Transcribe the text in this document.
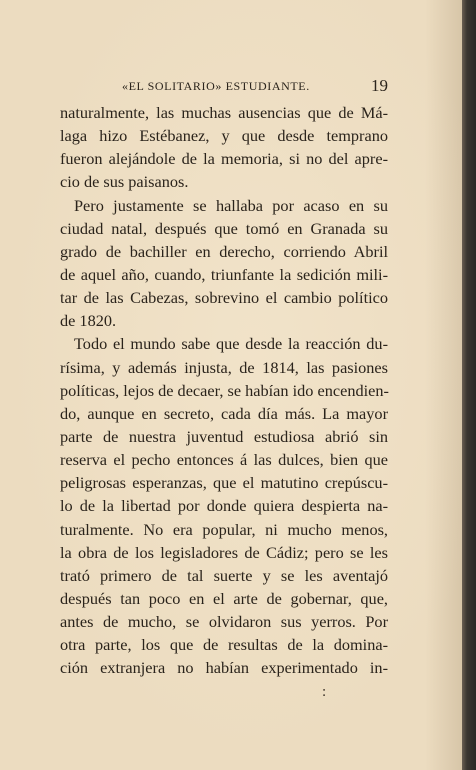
«EL SOLITARIO» ESTUDIANTE.	19
naturalmente, las muchas ausencias que de Má-
laga hizo Estébanez, y que desde temprano
fueron alejándole de la memoria, si no del apre-
cio de sus paisanos.
Pero justamente se hallaba por acaso en su
ciudad natal, después que tomó en Granada su
grado de bachiller en derecho, corriendo Abril
de aquel año, cuando, triunfante la sedición mili-
tar de las Cabezas, sobrevino el cambio político
de 1820.
Todo el mundo sabe que desde la reacción du-
rísima, y además injusta, de 1814, las pasiones
políticas, lejos de decaer, se habían ido encendien-
do, aunque en secreto, cada día más. La mayor
parte de nuestra juventud estudiosa abrió sin
reserva el pecho entonces á las dulces, bien que
peligrosas esperanzas, que el matutino crepúscu-
lo de la libertad por donde quiera despierta na-
turalmente. No era popular, ni mucho menos,
la obra de los legisladores de Cádiz; pero se les
trató primero de tal suerte y se les aventajó
después tan poco en el arte de gobernar, que,
antes de mucho, se olvidaron sus yerros. Por
otra parte, los que de resultas de la domina-
ción extranjera no habían experimentado in-
:
